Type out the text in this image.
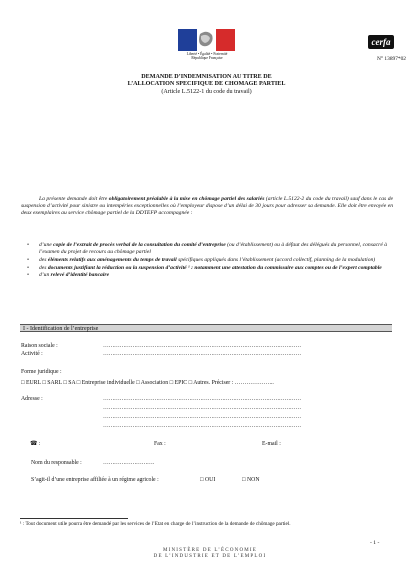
Liberté • Égalité • Fraternité
République Française
cerfa
N° 13897*02
DEMANDE D’INDEMNISATION AU TITRE DE
L’ALLOCATION SPECIFIQUE DE CHOMAGE PARTIEL
(Article L.5122-1 du code du travail)
La présente demande doit être obligatoirement préalable à la mise en chômage partiel des salariés (article L.5122-2 du code du travail) sauf dans le cas de suspension d’activité pour sinistre ou intempéries exceptionnelles où l’employeur dispose d’un délai de 30 jours pour adresser sa demande. Elle doit être envoyée en deux exemplaires au service chômage partiel de la DDTEFP accompagnée :
• d’une copie de l’extrait de procès verbal de la consultation du comité d’entreprise (ou d’établissement) ou à défaut des délégués du personnel, consacré à l’examen du projet de recours au chômage partiel
• des éléments relatifs aux aménagements du temps de travail spécifiques appliqués dans l’établissement (accord collectif, planning de la modulation)
• des documents justifiant la réduction ou la suspension d’activité ¹ : notamment une attestation du commissaire aux comptes ou de l’expert comptable
• d’un relevé d’identité bancaire
I - Identification de l’entreprise
Raison sociale :	………………………………………………………………………………………………
Activité :	………………………………………………………………………………………………
Forme juridique :
□ EURL □ SARL □ SA □ Entreprise individuelle □ Association □ EPIC □ Autres. Préciser : ………………...
Adresse :	………………………………………………………………………………………………
………………………………………………………………………………………………
………………………………………………………………………………………………
………………………………………………………………………………………………
☎ :	Fax :	E-mail :
Nom du responsable :	……………………….
S’agit-il d’une entreprise affiliée à un régime agricole :	□ OUI	□ NON
¹ : Tout document utile pourra être demandé par les services de l’Etat en charge de l’instruction de la demande de chômage partiel.
- 1 -
MINISTÈRE DE L’ÉCONOMIE
DE L’INDUSTRIE ET DE L’EMPLOI
